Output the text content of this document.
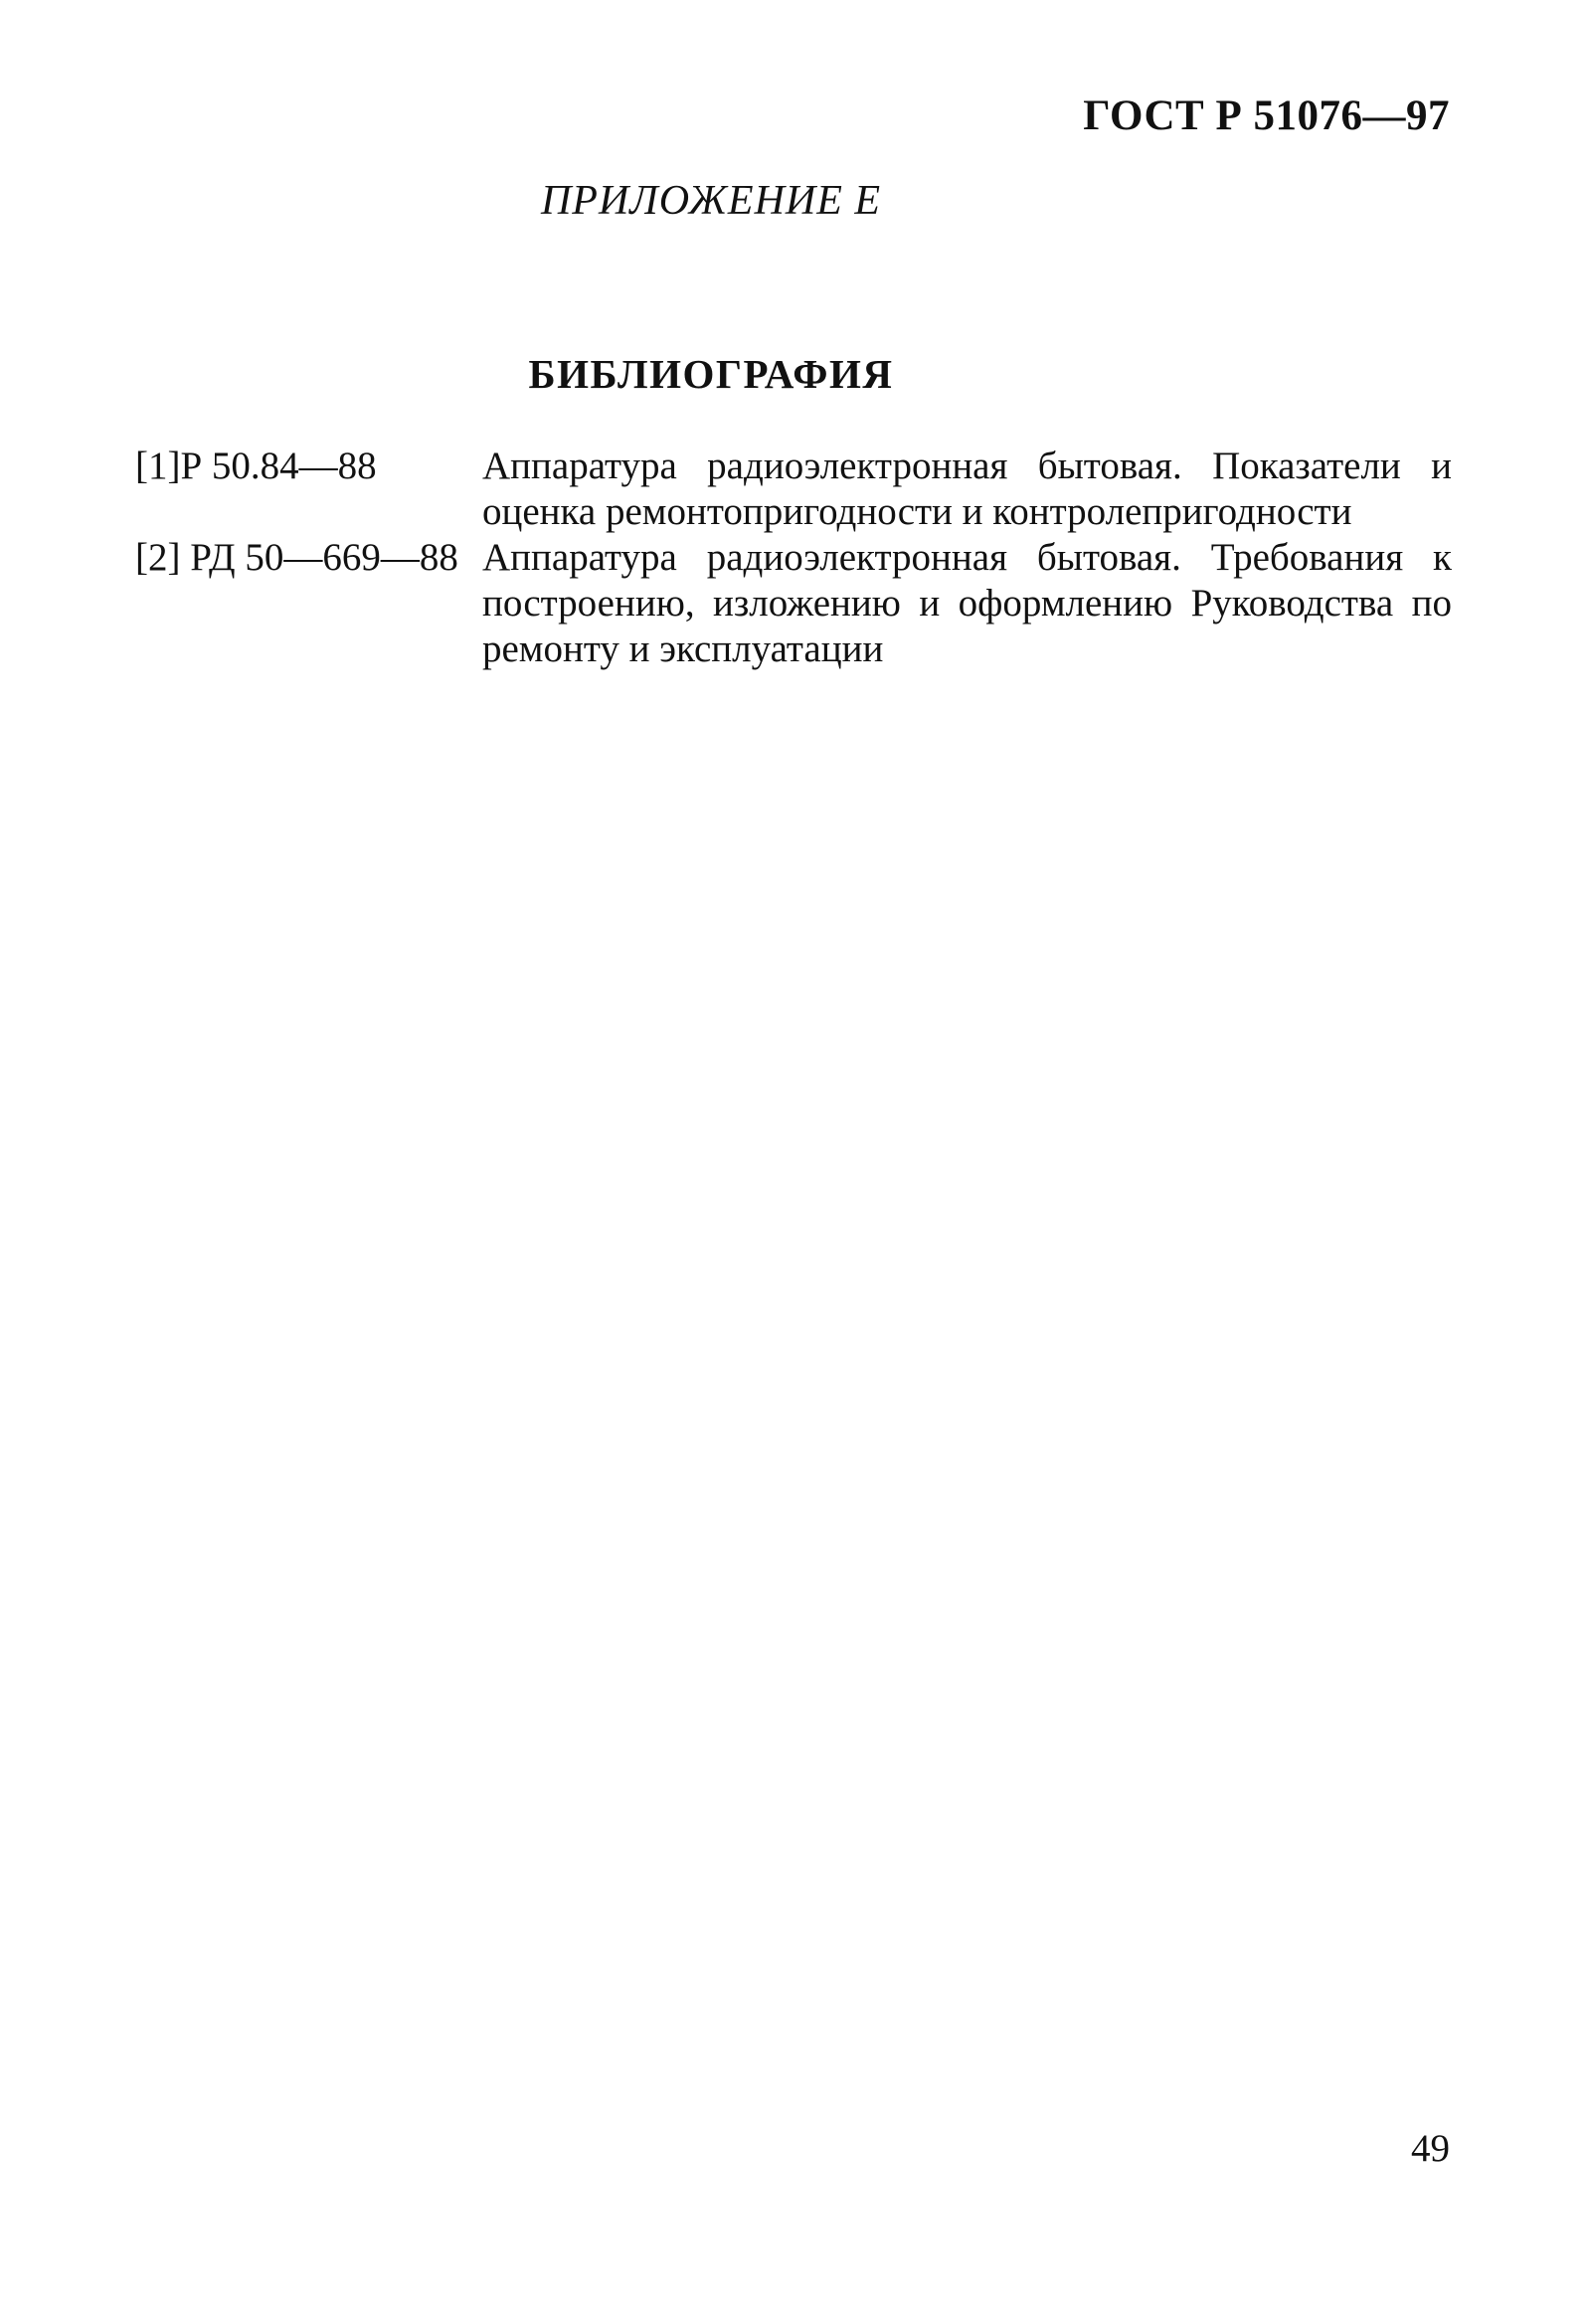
ГОСТ Р 51076—97
ПРИЛОЖЕНИЕ Е
БИБЛИОГРАФИЯ
[1]Р 50.84—88	Аппаратура радиоэлектронная бытовая. Показатели и оценка ремонтопригодности и контролепригодности
[2] РД 50—669—88 Аппаратура радиоэлектронная бытовая. Требования к построению, изложению и оформлению Руководства по ремонту и эксплуатации
49
